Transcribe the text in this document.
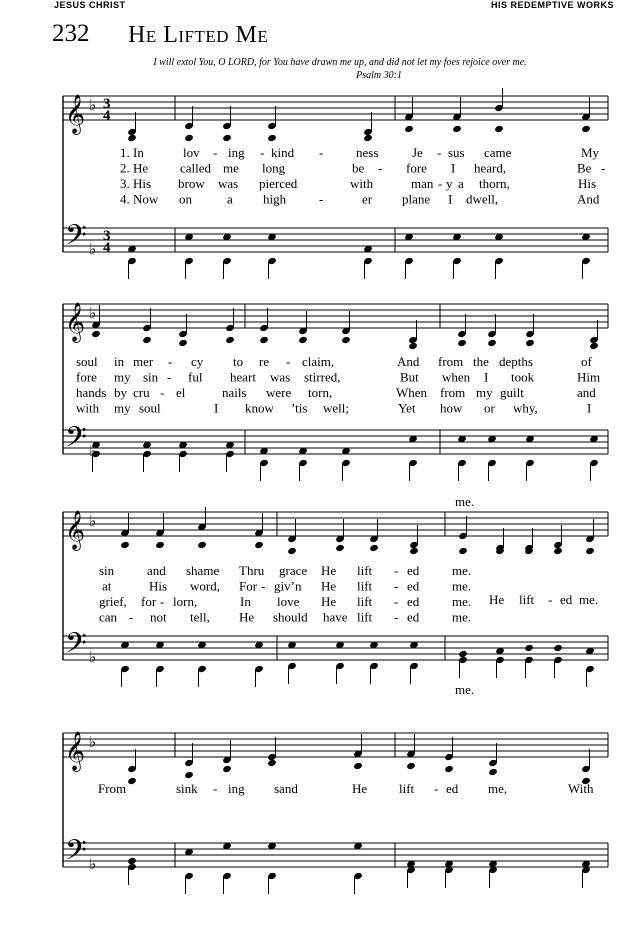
JESUS CHRIST	HIS REDEMPTIVE WORKS
232 He Lifted Me
I will extol You, O LORD, for You have drawn me up, and did not let my foes rejoice over me.
Psalm 30:1
1. In	lov - ing - kind -	ness	Je - sus came	My
2. He called me long	be - fore I heard,	Be -
3. His brow was pierced	with	man - y a thorn,	His
4. Now on	a high	-	er plane I dwell,	And
𝄞
𝄢
♭
♭
3
4
3
4
soul in mer - cy to re - claim,	And from the depths	of
fore my sin - ful heart was stirred,	But when I took	Him
hands by cru - el	nails were torn,	When from my guilt	and
with my soul	I know ’tis well;	Yet how or why,	I
𝄞
𝄢
♭
♭
sin	and shame Thru grace He lift - ed	me.
at	His word, For - giv’n He lift - ed	me.
grief, for - lorn,	In love He lift - ed	me.
can - not tell, He should have lift - ed	me.
me.
He lift - ed me.
me.
𝄞
𝄢
♭
♭
From	sink - ing sand	He lift - ed me,	With
𝄞
𝄢
♭
♭
